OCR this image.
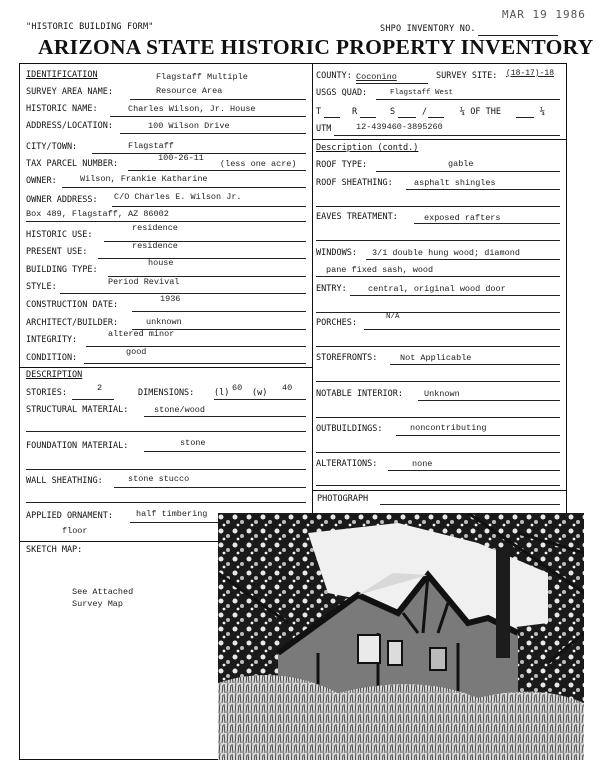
"HISTORIC BUILDING FORM"
MAR 19 1986
SHPO INVENTORY NO.
ARIZONA STATE HISTORIC PROPERTY INVENTORY
IDENTIFICATION	Flagstaff Multiple
SURVEY AREA NAME:	Resource Area
HISTORIC NAME:	Charles Wilson, Jr. House
ADDRESS/LOCATION:	100 Wilson Drive
CITY/TOWN:	Flagstaff
TAX PARCEL NUMBER:
100-26-11
(less one acre)
OWNER:	Wilson, Frankie Katharine
OWNER ADDRESS: C/O Charles E. Wilson Jr.
Box 489, Flagstaff, AZ 86002
HISTORIC USE:
residence
PRESENT USE:
residence
BUILDING TYPE:
house
STYLE:	Period Revival
CONSTRUCTION DATE:
1936
ARCHITECT/BUILDER:	unknown
INTEGRITY:
altered minor
CONDITION:
good
COUNTY: Coconino	SURVEY SITE: (18-17)-18
USGS QUAD:	Flagstaff West
T	R	S	/	¼ OF THE	¼
UTM	12-439460-3895260
Description (contd.)
ROOF TYPE:	gable
ROOF SHEATHING: asphalt shingles
EAVES TREATMENT:	exposed rafters
WINDOWS: 3/1 double hung wood; diamond
pane fixed sash, wood
ENTRY:	central, original wood door
PORCHES:
N/A
STOREFRONTS:	Not Applicable
NOTABLE INTERIOR: Unknown
OUTBUILDINGS:	noncontributing
ALTERATIONS:	none
PHOTOGRAPH
DESCRIPTION
STORIES:	2	DIMENSIONS: (l) 60 (w) 40
STRUCTURAL MATERIAL:	stone/wood
FOUNDATION MATERIAL:	stone
WALL SHEATHING:	stone stucco
APPLIED ORNAMENT:	half timbering
floor
SKETCH MAP:
See Attached
Survey Map
